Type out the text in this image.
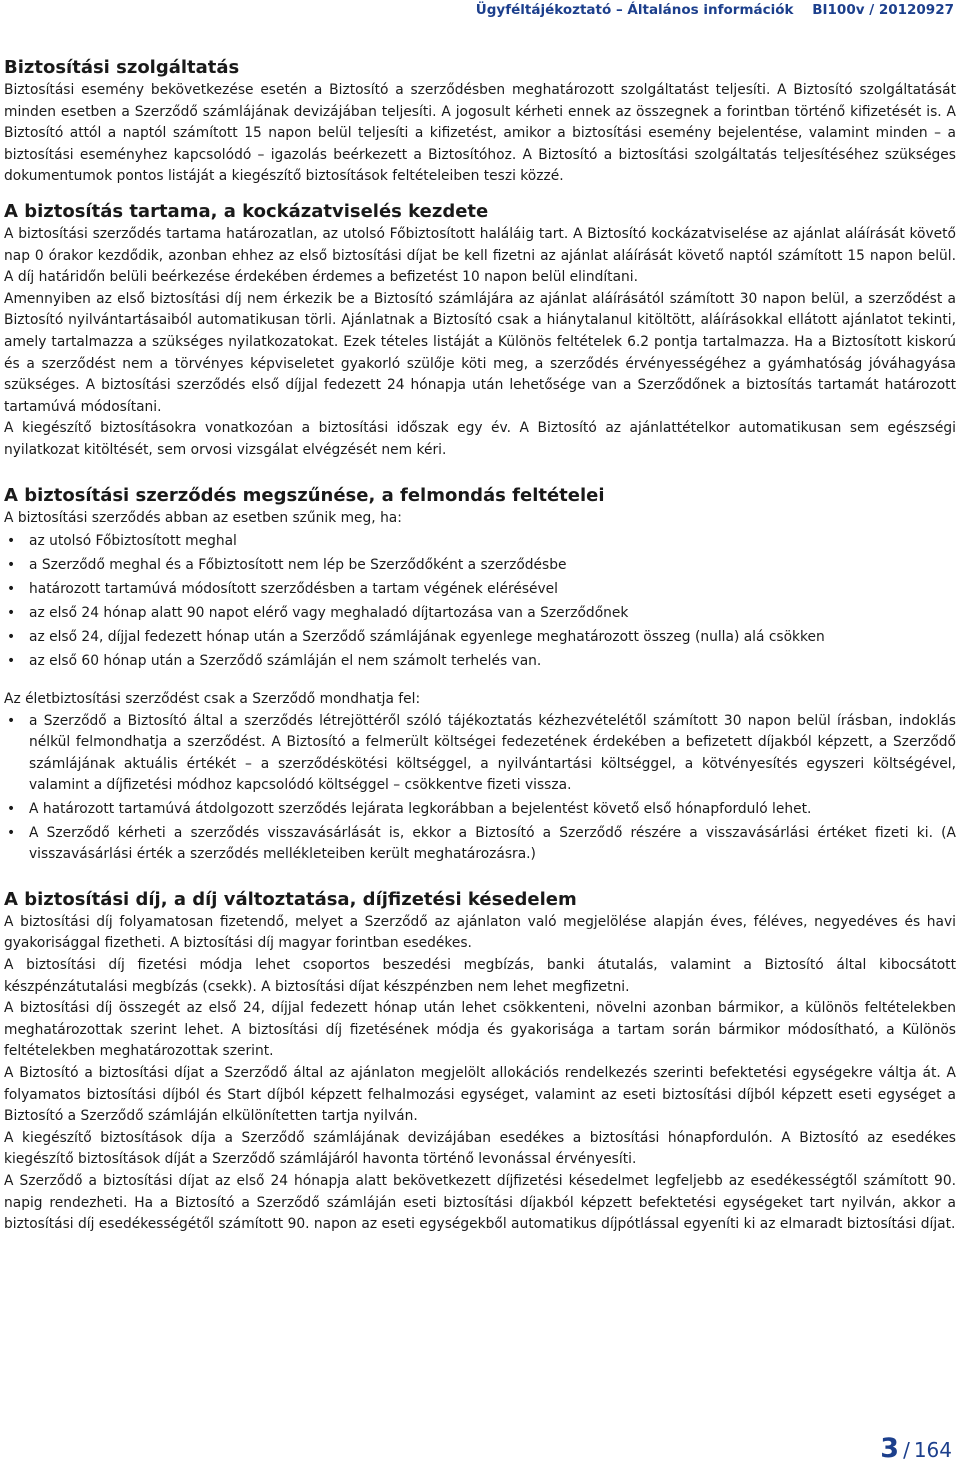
Ügyféltájékoztató – Általános információk BI100v / 20120927
Biztosítási szolgáltatás

Biztosítási esemény bekövetkezése esetén a Biztosító a szerződésben meghatározott szolgáltatást teljesíti. A Biztosító szolgáltatását minden esetben a Szerződő számlájának devizájában teljesíti. A jogosult kérheti ennek az összegnek a forintban történő kifizetését is. A Biztosító attól a naptól számított 15 napon belül teljesíti a kifizetést, amikor a biztosítási esemény bejelentése, valamint minden – a biztosítási eseményhez kapcsolódó – igazolás beérkezett a Biztosítóhoz. A Biztosító a biztosítási szolgáltatás teljesítéséhez szükséges dokumentumok pontos listáját a kiegészítő biztosítások feltételeiben teszi közzé.

A biztosítás tartama, a kockázatviselés kezdete

A biztosítási szerződés tartama határozatlan, az utolsó Főbiztosított haláláig tart. A Biztosító kockázatviselése az ajánlat aláírását követő nap 0 órakor kezdődik, azonban ehhez az első biztosítási díjat be kell fizetni az ajánlat aláírását követő naptól számított 15 napon belül. A díj határidőn belüli beérkezése érdekében érdemes a befizetést 10 napon belül elindítani.

Amennyiben az első biztosítási díj nem érkezik be a Biztosító számlájára az ajánlat aláírásától számított 30 napon belül, a szerződést a Biztosító nyilvántartásaiból automatikusan törli. Ajánlatnak a Biztosító csak a hiánytalanul kitöltött, aláírásokkal ellátott ajánlatot tekinti, amely tartalmazza a szükséges nyilatkozatokat. Ezek tételes listáját a Különös feltételek 6.2 pontja tartalmazza. Ha a Biztosított kiskorú és a szerződést nem a törvényes képviseletet gyakorló szülője köti meg, a szerződés érvényességéhez a gyámhatóság jóváhagyása szükséges. A biztosítási szerződés első díjjal fedezett 24 hónapja után lehetősége van a Szerződőnek a biztosítás tartamát határozott tartamúvá módosítani.

A kiegészítő biztosításokra vonatkozóan a biztosítási időszak egy év. A Biztosító az ajánlattételkor automatikusan sem egészségi nyilatkozat kitöltését, sem orvosi vizsgálat elvégzését nem kéri.

A biztosítási szerződés megszűnése, a felmondás feltételei

A biztosítási szerződés abban az esetben szűnik meg, ha:

• az utolsó Főbiztosított meghal
• a Szerződő meghal és a Főbiztosított nem lép be Szerződőként a szerződésbe
• határozott tartamúvá módosított szerződésben a tartam végének elérésével
• az első 24 hónap alatt 90 napot elérő vagy meghaladó díjtartozása van a Szerződőnek
• az első 24, díjjal fedezett hónap után a Szerződő számlájának egyenlege meghatározott összeg (nulla) alá csökken
• az első 60 hónap után a Szerződő számláján el nem számolt terhelés van.

Az életbiztosítási szerződést csak a Szerződő mondhatja fel:

• a Szerződő a Biztosító által a szerződés létrejöttéről szóló tájékoztatás kézhezvételétől számított 30 napon belül írásban, indoklás nélkül felmondhatja a szerződést. A Biztosító a felmerült költségei fedezetének érdekében a befizetett díjakból képzett, a Szerződő számlájának aktuális értékét – a szerződéskötési költséggel, a nyilvántartási költséggel, a kötvényesítés egyszeri költségével, valamint a díjfizetési módhoz kapcsolódó költséggel – csökkentve fizeti vissza.
• A határozott tartamúvá átdolgozott szerződés lejárata legkorábban a bejelentést követő első hónapforduló lehet.
• A Szerződő kérheti a szerződés visszavásárlását is, ekkor a Biztosító a Szerződő részére a visszavásárlási értéket fizeti ki. (A visszavásárlási érték a szerződés mellékleteiben került meghatározásra.)
A biztosítási díj, a díj változtatása, díjfizetési késedelem

A biztosítási díj folyamatosan fizetendő, melyet a Szerződő az ajánlaton való megjelölése alapján éves, féléves, negyedéves és havi gyakorisággal fizetheti. A biztosítási díj magyar forintban esedékes.

A biztosítási díj fizetési módja lehet csoportos beszedési megbízás, banki átutalás, valamint a Biztosító által kibocsátott készpénzátutalási megbízás (csekk). A biztosítási díjat készpénzben nem lehet megfizetni.

A biztosítási díj összegét az első 24, díjjal fedezett hónap után lehet csökkenteni, növelni azonban bármikor, a különös feltételekben meghatározottak szerint lehet. A biztosítási díj fizetésének módja és gyakorisága a tartam során bármikor módosítható, a Különös feltételekben meghatározottak szerint.

A Biztosító a biztosítási díjat a Szerződő által az ajánlaton megjelölt allokációs rendelkezés szerinti befektetési egységekre váltja át. A folyamatos biztosítási díjból és Start díjból képzett felhalmozási egységet, valamint az eseti biztosítási díjból képzett eseti egységet a Biztosító a Szerződő számláján elkülönítetten tartja nyilván.

A kiegészítő biztosítások díja a Szerződő számlájának devizájában esedékes a biztosítási hónapfordulón. A Biztosító az esedékes kiegészítő biztosítások díját a Szerződő számlájáról havonta történő levonással érvényesíti.

A Szerződő a biztosítási díjat az első 24 hónapja alatt bekövetkezett díjfizetési késedelmet legfeljebb az esedékességtől számított 90. napig rendezheti. Ha a Biztosító a Szerződő számláján eseti biztosítási díjakból képzett befektetési egységeket tart nyilván, akkor a biztosítási díj esedékességétől számított 90. napon az eseti egységekből automatikus díjpótlással egyeníti ki az elmaradt biztosítási díjat.

3 / 164
